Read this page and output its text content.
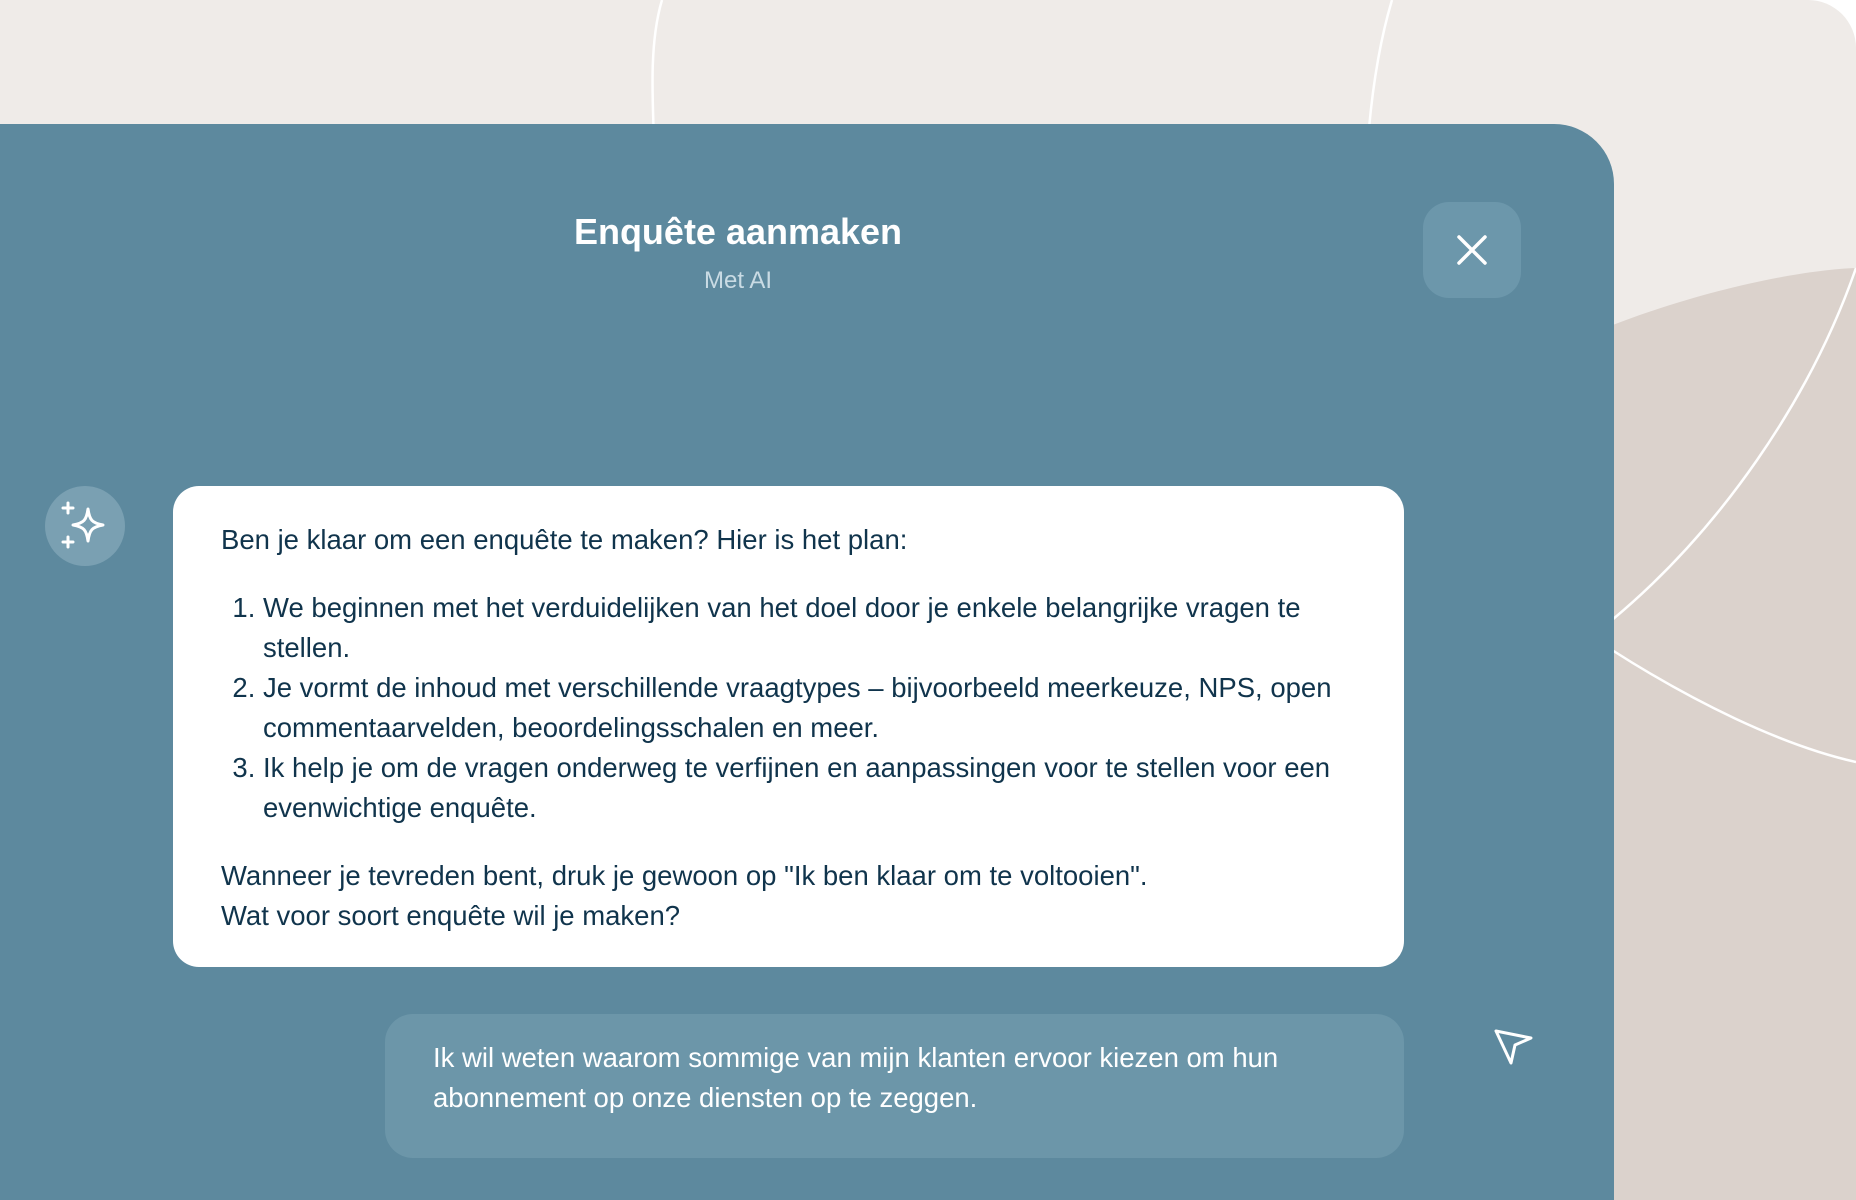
Enquête aanmaken
Met AI

Ben je klaar om een enquête te maken? Hier is het plan:

1. We beginnen met het verduidelijken van het doel door je enkele belangrijke vragen te stellen.
2. Je vormt de inhoud met verschillende vraagtypes – bijvoorbeeld meerkeuze, NPS, open commentaarvelden, beoordelingsschalen en meer.
3. Ik help je om de vragen onderweg te verfijnen en aanpassingen voor te stellen voor een evenwichtige enquête.

Wanneer je tevreden bent, druk je gewoon op "Ik ben klaar om te voltooien".

Wat voor soort enquête wil je maken?

Ik wil weten waarom sommige van mijn klanten ervoor kiezen om hun abonnement op onze diensten op te zeggen.
